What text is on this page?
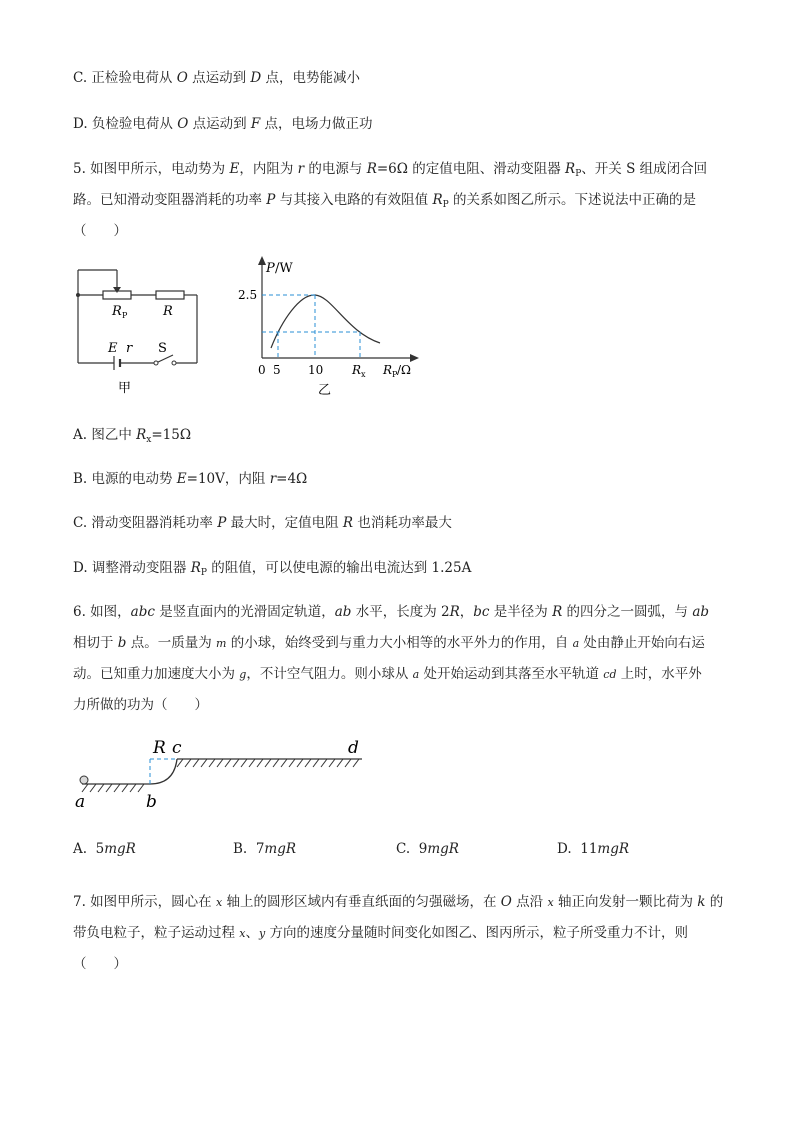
C. 正检验电荷从 O 点运动到 D 点，电势能减小
D. 负检验电荷从 O 点运动到 F 点，电场力做正功
5. 如图甲所示，电动势为 E，内阻为 r 的电源与 R=6Ω 的定值电阻、滑动变阻器 $R_P$、开关 S 组成闭合回
路。已知滑动变阻器消耗的功率 P 与其接入电路的有效阻值 $R_P$ 的关系如图乙所示。下述说法中正确的是
（　　）
R P	R
E r S
甲
P /W
2.5
0 5 10 R x R P /Ω
乙
A. 图乙中 $R_x=15\Omega$
B. 电源的电动势 E=10V，内阻 r=4Ω
C. 滑动变阻器消耗功率 P 最大时，定值电阻 R 也消耗功率最大
D. 调整滑动变阻器 $R_P$ 的阻值，可以使电源的输出电流达到 1.25A
6. 如图，abc 是竖直面内的光滑固定轨道，ab 水平，长度为 2R，bc 是半径为 R 的四分之一圆弧，与 ab
相切于 b 点。一质量为 m 的小球，始终受到与重力大小相等的水平外力的作用，自 a 处由静止开始向右运
动。已知重力加速度大小为 g，不计空气阻力。则小球从 a 处开始运动到其落至水平轨道 cd 上时，水平外
力所做的功为（　　）
R c	d
a	b
A. 5mgR	B. 7mgR	C. 9mgR	D. 11mgR
7. 如图甲所示，圆心在 x 轴上的圆形区域内有垂直纸面的匀强磁场，在 O 点沿 x 轴正向发射一颗比荷为 k 的
带负电粒子，粒子运动过程 x、y 方向的速度分量随时间变化如图乙、图丙所示，粒子所受重力不计，则
（　　）
